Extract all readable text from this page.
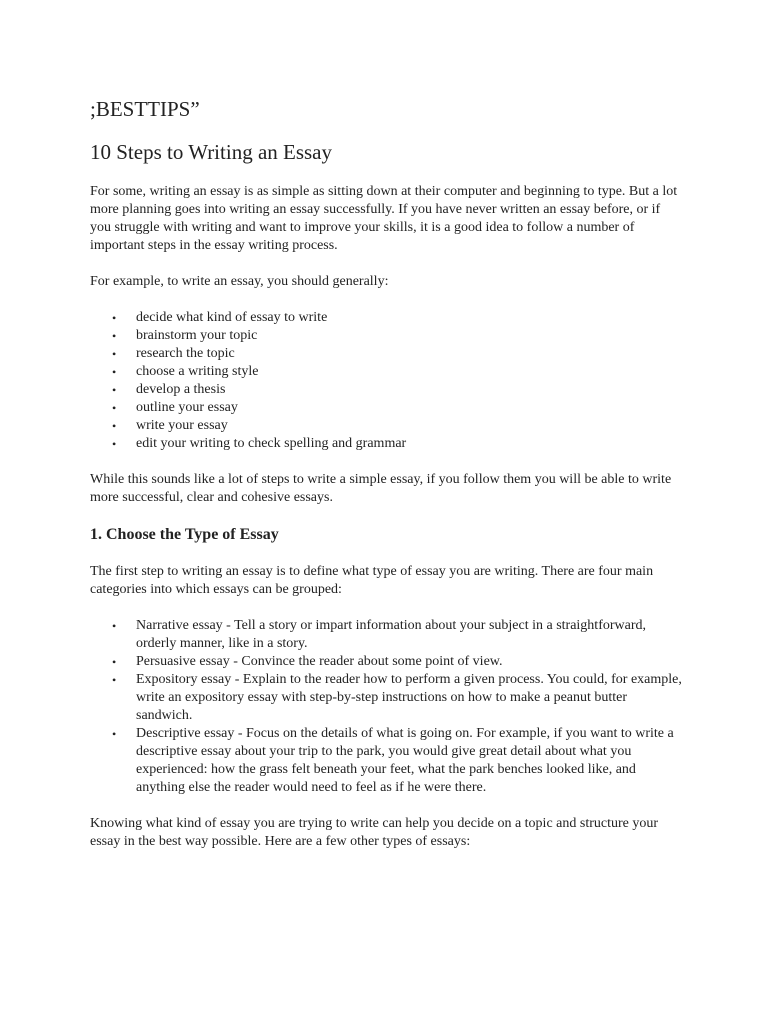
;BESTTIPS”
10 Steps to Writing an Essay

For some, writing an essay is as simple as sitting down at their computer and beginning to type. But a lot more planning goes into writing an essay successfully. If you have never written an essay before, or if you struggle with writing and want to improve your skills, it is a good idea to follow a number of important steps in the essay writing process.

For example, to write an essay, you should generally:

• decide what kind of essay to write
• brainstorm your topic
• research the topic
• choose a writing style
• develop a thesis
• outline your essay
• write your essay
• edit your writing to check spelling and grammar

While this sounds like a lot of steps to write a simple essay, if you follow them you will be able to write more successful, clear and cohesive essays.

1. Choose the Type of Essay

The first step to writing an essay is to define what type of essay you are writing. There are four main categories into which essays can be grouped:

• Narrative essay - Tell a story or impart information about your subject in a straightforward, orderly manner, like in a story.
• Persuasive essay - Convince the reader about some point of view.
• Expository essay - Explain to the reader how to perform a given process. You could, for example, write an expository essay with step-by-step instructions on how to make a peanut butter sandwich.
• Descriptive essay - Focus on the details of what is going on. For example, if you want to write a descriptive essay about your trip to the park, you would give great detail about what you experienced: how the grass felt beneath your feet, what the park benches looked like, and anything else the reader would need to feel as if he were there.

Knowing what kind of essay you are trying to write can help you decide on a topic and structure your essay in the best way possible. Here are a few other types of essays:
